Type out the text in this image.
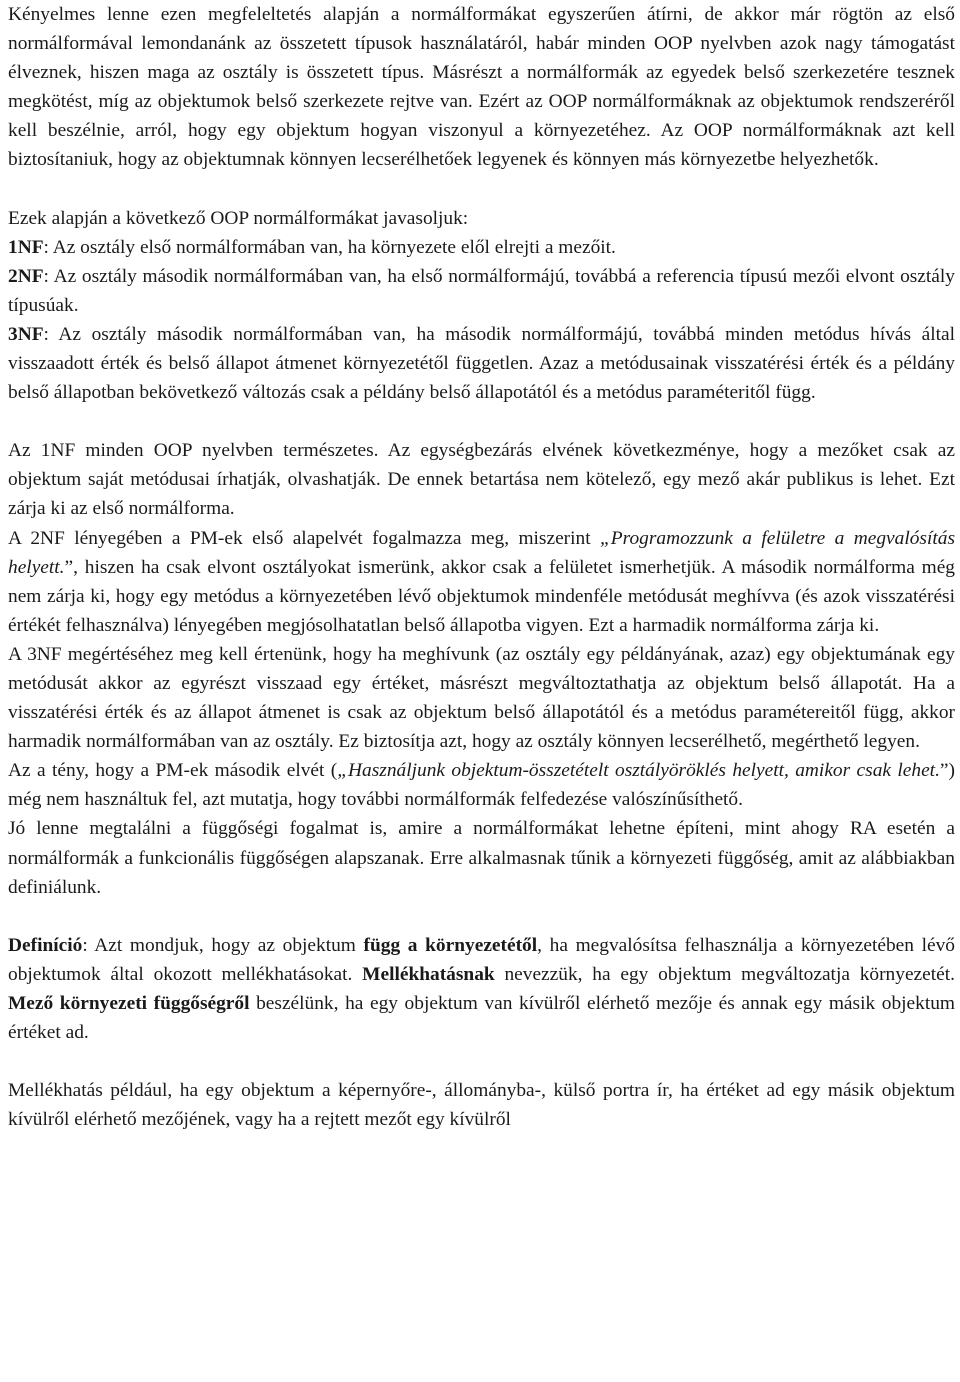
Kényelmes lenne ezen megfeleltetés alapján a normálformákat egyszerűen átírni, de akkor már rögtön az első normálformával lemondanánk az összetett típusok használatáról, habár minden OOP nyelvben azok nagy támogatást élveznek, hiszen maga az osztály is összetett típus. Másrészt a normálformák az egyedek belső szerkezetére tesznek megkötést, míg az objektumok belső szerkezete rejtve van. Ezért az OOP normálformáknak az objektumok rendszeréről kell beszélnie, arról, hogy egy objektum hogyan viszonyul a környezetéhez. Az OOP normálformáknak azt kell biztosítaniuk, hogy az objektumnak könnyen lecserélhetőek legyenek és könnyen más környezetbe helyezhetők.

Ezek alapján a következő OOP normálformákat javasoljuk:

1NF: Az osztály első normálformában van, ha környezete elől elrejti a mezőit.

2NF: Az osztály második normálformában van, ha első normálformájú, továbbá a referencia típusú mezői elvont osztály típusúak.

3NF: Az osztály második normálformában van, ha második normálformájú, továbbá minden metódus hívás által visszaadott érték és belső állapot átmenet környezetétől független. Azaz a metódusainak visszatérési érték és a példány belső állapotban bekövetkező változás csak a példány belső állapotától és a metódus paraméteritől függ.

Az 1NF minden OOP nyelvben természetes. Az egységbezárás elvének következménye, hogy a mezőket csak az objektum saját metódusai írhatják, olvashatják. De ennek betartása nem kötelező, egy mező akár publikus is lehet. Ezt zárja ki az első normálforma.

A 2NF lényegében a PM-ek első alapelvét fogalmazza meg, miszerint „Programozzunk a felületre a megvalósítás helyett.”, hiszen ha csak elvont osztályokat ismerünk, akkor csak a felületet ismerhetjük. A második normálforma még nem zárja ki, hogy egy metódus a környezetében lévő objektumok mindenféle metódusát meghívva (és azok visszatérési értékét felhasználva) lényegében megjósolhatatlan belső állapotba vigyen. Ezt a harmadik normálforma zárja ki.

A 3NF megértéséhez meg kell értenünk, hogy ha meghívunk (az osztály egy példányának, azaz) egy objektumának egy metódusát akkor az egyrészt visszaad egy értéket, másrészt megváltoztathatja az objektum belső állapotát. Ha a visszatérési érték és az állapot átmenet is csak az objektum belső állapotától és a metódus paramétereitől függ, akkor harmadik normálformában van az osztály. Ez biztosítja azt, hogy az osztály könnyen lecserélhető, megérthető legyen.

Az a tény, hogy a PM-ek második elvét („Használjunk objektum-összetételt osztályöröklés helyett, amikor csak lehet.”) még nem használtuk fel, azt mutatja, hogy további normálformák felfedezése valószínűsíthető.

Jó lenne megtalálni a függőségi fogalmat is, amire a normálformákat lehetne építeni, mint ahogy RA esetén a normálformák a funkcionális függőségen alapszanak. Erre alkalmasnak tűnik a környezeti függőség, amit az alábbiakban definiálunk.

Definíció: Azt mondjuk, hogy az objektum függ a környezetétől, ha megvalósítsa felhasználja a környezetében lévő objektumok által okozott mellékhatásokat. Mellékhatásnak nevezzük, ha egy objektum megváltozatja környezetét. Mező környezeti függőségről beszélünk, ha egy objektum van kívülről elérhető mezője és annak egy másik objektum értéket ad.

Mellékhatás például, ha egy objektum a képernyőre-, állományba-, külső portra ír, ha értéket ad egy másik objektum kívülről elérhető mezőjének, vagy ha a rejtett mezőt egy kívülről
